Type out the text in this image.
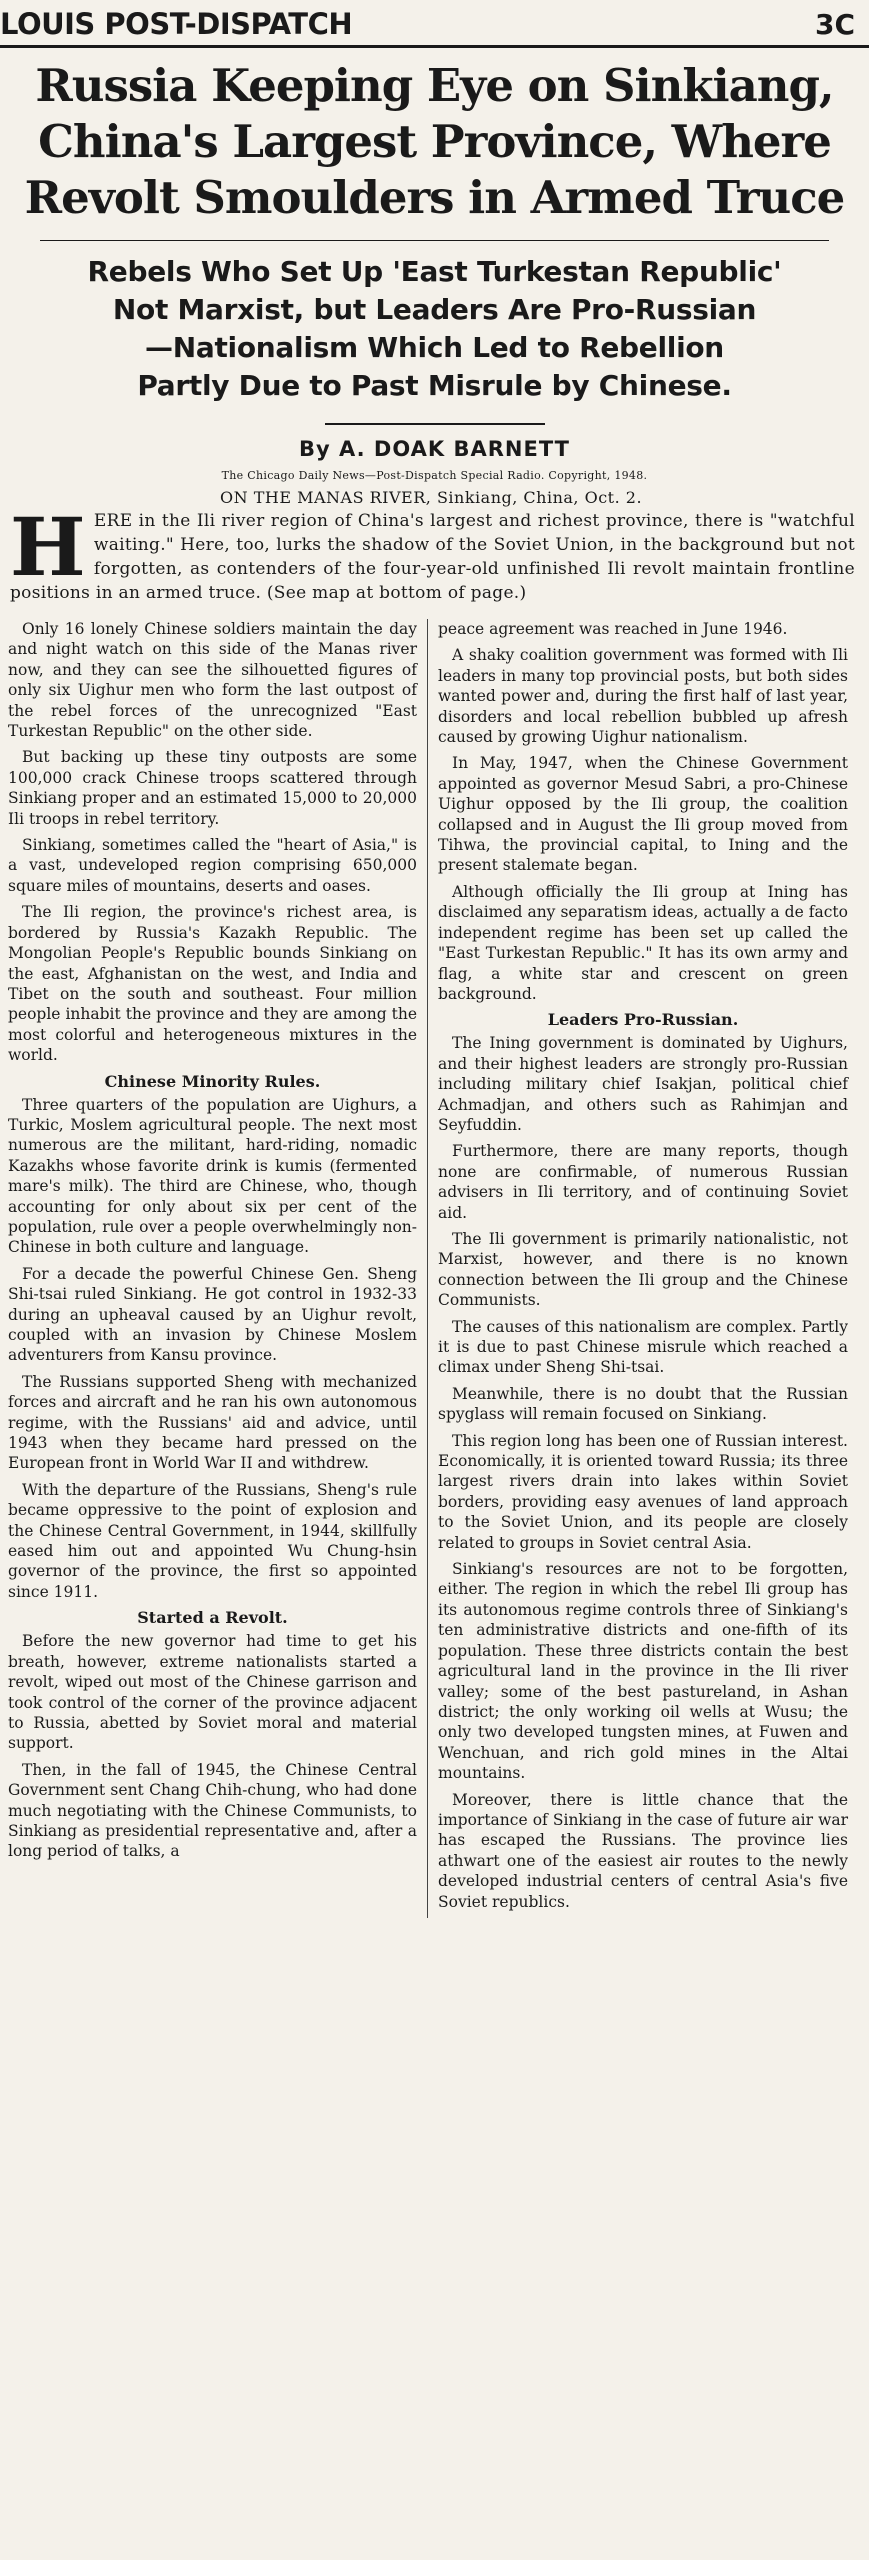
LOUIS POST-DISPATCH	3C
Russia Keeping Eye on Sinkiang,
China's Largest Province, Where
Revolt Smoulders in Armed Truce
Rebels Who Set Up 'East Turkestan Republic'
Not Marxist, but Leaders Are Pro-Russian
—Nationalism Which Led to Rebellion
Partly Due to Past Misrule by Chinese.
By A. DOAK BARNETT
The Chicago Daily News—Post-Dispatch Special Radio. Copyright, 1948.
ON THE MANAS RIVER, Sinkiang, China, Oct. 2.
H ERE in the Ili river region of China's largest and richest province, there is "watchful waiting." Here, too, lurks the shadow of the Soviet Union, in the background but not forgotten, as contenders of the four-year-old unfinished Ili revolt maintain frontline positions in an armed truce. (See map at bottom of page.)

Only 16 lonely Chinese soldiers maintain the day and night watch on this side of the Manas river now, and they can see the silhouetted figures of only six Uighur men who form the last outpost of the rebel forces of the unrecognized "East Turkestan Republic" on the other side.

But backing up these tiny outposts are some 100,000 crack Chinese troops scattered through Sinkiang proper and an estimated 15,000 to 20,000 Ili troops in rebel territory.

Sinkiang, sometimes called the "heart of Asia," is a vast, undeveloped region comprising 650,000 square miles of mountains, deserts and oases.

The Ili region, the province's richest area, is bordered by Russia's Kazakh Republic. The Mongolian People's Republic bounds Sinkiang on the east, Afghanistan on the west, and India and Tibet on the south and southeast. Four million people inhabit the province and they are among the most colorful and heterogeneous mixtures in the world.

Chinese Minority Rules.

Three quarters of the population are Uighurs, a Turkic, Moslem agricultural people. The next most numerous are the militant, hard-riding, nomadic Kazakhs whose favorite drink is kumis (fermented mare's milk). The third are Chinese, who, though accounting for only about six per cent of the population, rule over a people overwhelmingly non-Chinese in both culture and language.

For a decade the powerful Chinese Gen. Sheng Shi-tsai ruled Sinkiang. He got control in 1932-33 during an upheaval caused by an Uighur revolt, coupled with an invasion by Chinese Moslem adventurers from Kansu province.

The Russians supported Sheng with mechanized forces and aircraft and he ran his own autonomous regime, with the Russians' aid and advice, until 1943 when they became hard pressed on the European front in World War II and withdrew.

With the departure of the Russians, Sheng's rule became oppressive to the point of explosion and the Chinese Central Government, in 1944, skillfully eased him out and appointed Wu Chung-hsin governor of the province, the first so appointed since 1911.

Started a Revolt.

Before the new governor had time to get his breath, however, extreme nationalists started a revolt, wiped out most of the Chinese garrison and took control of the corner of the province adjacent to Russia, abetted by Soviet moral and material support.

Then, in the fall of 1945, the Chinese Central Government sent Chang Chih-chung, who had done much negotiating with the Chinese Communists, to Sinkiang as presidential representative and, after a long period of talks, a

peace agreement was reached in June 1946.

A shaky coalition government was formed with Ili leaders in many top provincial posts, but both sides wanted power and, during the first half of last year, disorders and local rebellion bubbled up afresh caused by growing Uighur nationalism.

In May, 1947, when the Chinese Government appointed as governor Mesud Sabri, a pro-Chinese Uighur opposed by the Ili group, the coalition collapsed and in August the Ili group moved from Tihwa, the provincial capital, to Ining and the present stalemate began.

Although officially the Ili group at Ining has disclaimed any separatism ideas, actually a de facto independent regime has been set up called the "East Turkestan Republic." It has its own army and flag, a white star and crescent on green background.

Leaders Pro-Russian.

The Ining government is dominated by Uighurs, and their highest leaders are strongly pro-Russian including military chief Isakjan, political chief Achmadjan, and others such as Rahimjan and Seyfuddin.

Furthermore, there are many reports, though none are confirmable, of numerous Russian advisers in Ili territory, and of continuing Soviet aid.

The Ili government is primarily nationalistic, not Marxist, however, and there is no known connection between the Ili group and the Chinese Communists.

The causes of this nationalism are complex. Partly it is due to past Chinese misrule which reached a climax under Sheng Shi-tsai.

Meanwhile, there is no doubt that the Russian spyglass will remain focused on Sinkiang.

This region long has been one of Russian interest. Economically, it is oriented toward Russia; its three largest rivers drain into lakes within Soviet borders, providing easy avenues of land approach to the Soviet Union, and its people are closely related to groups in Soviet central Asia.

Sinkiang's resources are not to be forgotten, either. The region in which the rebel Ili group has its autonomous regime controls three of Sinkiang's ten administrative districts and one-fifth of its population. These three districts contain the best agricultural land in the province in the Ili river valley; some of the best pastureland, in Ashan district; the only working oil wells at Wusu; the only two developed tungsten mines, at Fuwen and Wenchuan, and rich gold mines in the Altai mountains.

Moreover, there is little chance that the importance of Sinkiang in the case of future air war has escaped the Russians. The province lies athwart one of the easiest air routes to the newly developed industrial centers of central Asia's five Soviet republics.
